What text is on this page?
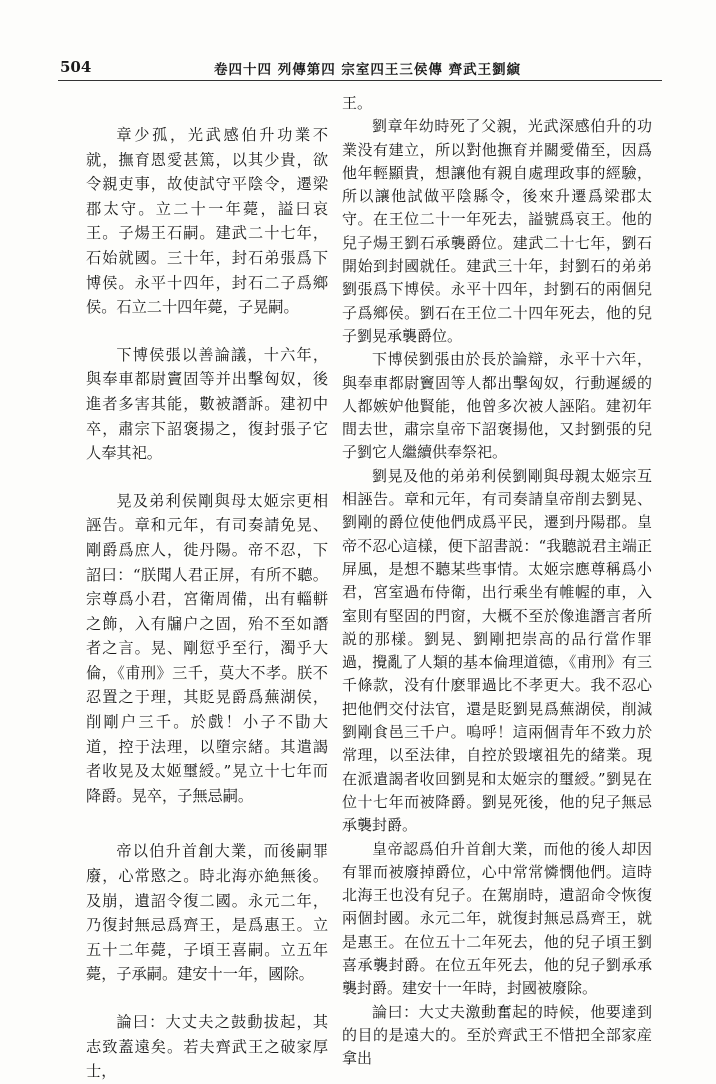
504	卷四十四 列傳第四 宗室四王三侯傳 齊武王劉縯

章少孤，光武感伯升功業不就，撫育恩愛甚篤，以其少貴，欲令親吏事，故使試守平陰令，遷梁郡太守。立二十一年薨，謚曰哀王。子煬王石嗣。建武二十七年，石始就國。三十年，封石弟張爲下博侯。永平十四年，封石二子爲鄉侯。石立二十四年薨，子晃嗣。

下博侯張以善論議，十六年，與奉車都尉竇固等并出擊匈奴，後進者多害其能，數被譖訴。建初中卒，肅宗下詔褒揚之，復封張子它人奉其祀。

晃及弟利侯剛與母太姬宗更相誣告。章和元年，有司奏請免晃、剛爵爲庶人，徙丹陽。帝不忍，下詔曰：“朕聞人君正屏，有所不聽。宗尊爲小君，宮衛周備，出有輜軿之飾，入有牖户之固，殆不至如譖者之言。晃、剛愆乎至行，濁乎大倫，《甫刑》三千，莫大不孝。朕不忍置之于理，其貶晃爵爲蕪湖侯，削剛户三千。於戲！小子不勖大道，控于法理，以墮宗緒。其遣謁者收晃及太姬璽綬。”晃立十七年而降爵。晃卒，子無忌嗣。

帝以伯升首創大業，而後嗣罪廢，心常愍之。時北海亦絶無後。及崩，遺詔令復二國。永元二年，乃復封無忌爲齊王，是爲惠王。立五十二年薨，子頃王喜嗣。立五年薨，子承嗣。建安十一年，國除。

論曰：大丈夫之鼓動拔起，其志致蓋遠矣。若夫齊武王之破家厚士，

王。

劉章年幼時死了父親，光武深感伯升的功業没有建立，所以對他撫育并關愛備至，因爲他年輕顯貴，想讓他有親自處理政事的經驗，所以讓他試做平陰縣令，後來升遷爲梁郡太守。在王位二十一年死去，謚號爲哀王。他的兒子煬王劉石承襲爵位。建武二十七年，劉石開始到封國就任。建武三十年，封劉石的弟弟劉張爲下博侯。永平十四年，封劉石的兩個兒子爲鄉侯。劉石在王位二十四年死去，他的兒子劉晃承襲爵位。

下博侯劉張由於長於論辯，永平十六年，與奉車都尉竇固等人都出擊匈奴，行動遲緩的人都嫉妒他賢能，他曾多次被人誣陷。建初年間去世，肅宗皇帝下詔褒揚他，又封劉張的兒子劉它人繼續供奉祭祀。

劉晃及他的弟弟利侯劉剛與母親太姬宗互相誣告。章和元年，有司奏請皇帝削去劉晃、劉剛的爵位使他們成爲平民，遷到丹陽郡。皇帝不忍心這樣，便下詔書説：“我聽説君主端正屏風，是想不聽某些事情。太姬宗應尊稱爲小君，宮室過布侍衛，出行乘坐有帷幄的車，入室則有堅固的門窗，大概不至於像進譖言者所説的那樣。劉晃、劉剛把崇高的品行當作罪過，攪亂了人類的基本倫理道德，《甫刑》有三千條款，没有什麽罪過比不孝更大。我不忍心把他們交付法官，還是貶劉晃爲蕪湖侯，削減劉剛食邑三千户。嗚呼！這兩個青年不致力於常理，以至法律，自控於毀壞祖先的緒業。現在派遣謁者收回劉晃和太姬宗的璽綬。”劉晃在位十七年而被降爵。劉晃死後，他的兒子無忌承襲封爵。

皇帝認爲伯升首創大業，而他的後人却因有罪而被廢掉爵位，心中常常憐憫他們。這時北海王也没有兒子。在駕崩時，遺詔命令恢復兩個封國。永元二年，就復封無忌爲齊王，就是惠王。在位五十二年死去，他的兒子頃王劉喜承襲封爵。在位五年死去，他的兒子劉承承襲封爵。建安十一年時，封國被廢除。

論曰：大丈夫激動奮起的時候，他要達到的目的是遠大的。至於齊武王不惜把全部家産拿出
